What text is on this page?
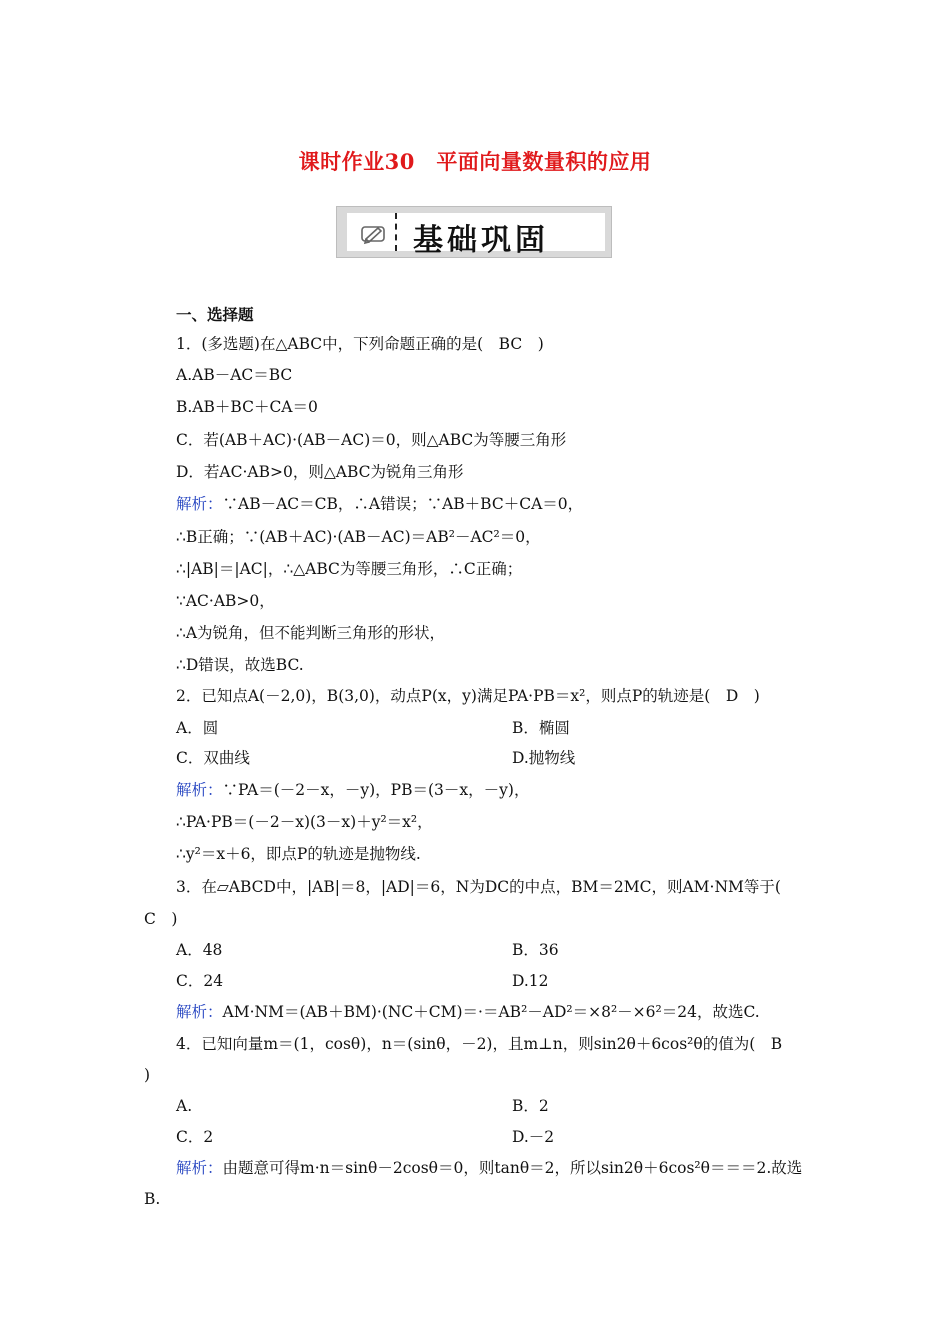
课时作业30　平面向量数量积的应用
基础巩固
一、选择题
1．(多选题)在△ABC中，下列命题正确的是(　BC　)
A.AB－AC＝BC
B.AB＋BC＋CA＝0
C．若(AB＋AC)·(AB－AC)＝0，则△ABC为等腰三角形
D．若AC·AB>0，则△ABC为锐角三角形
解析：∵AB－AC＝CB，∴A错误；∵AB＋BC＋CA＝0，
∴B正确；∵(AB＋AC)·(AB－AC)＝AB²－AC²＝0，
∴|AB|＝|AC|，∴△ABC为等腰三角形，∴C正确；
∵AC·AB>0，
∴A为锐角，但不能判断三角形的形状，
∴D错误，故选BC.
2．已知点A(－2,0)，B(3,0)，动点P(x，y)满足PA·PB＝x²，则点P的轨迹是(　D　)
A．圆	B．椭圆
C．双曲线	D.抛物线
解析：∵PA＝(－2－x，－y)，PB＝(3－x，－y)，
∴PA·PB＝(－2－x)(3－x)＋y²＝x²，
∴y²＝x＋6，即点P的轨迹是抛物线.
3．在▱ABCD中，|AB|＝8，|AD|＝6，N为DC的中点，BM＝2MC，则AM·NM等于(
C　)
A．48	B．36
C．24	D.12
解析：AM·NM＝(AB＋BM)·(NC＋CM)＝·＝AB²－AD²＝×8²－×6²＝24，故选C.
4．已知向量m＝(1，cosθ)，n＝(sinθ，－2)，且m⊥n，则sin2θ＋6cos²θ的值为(　B
)
A.	B．2
C．2	D.－2
解析：由题意可得m·n＝sinθ－2cosθ＝0，则tanθ＝2，所以sin2θ＋6cos²θ＝＝＝2.故选
B.
